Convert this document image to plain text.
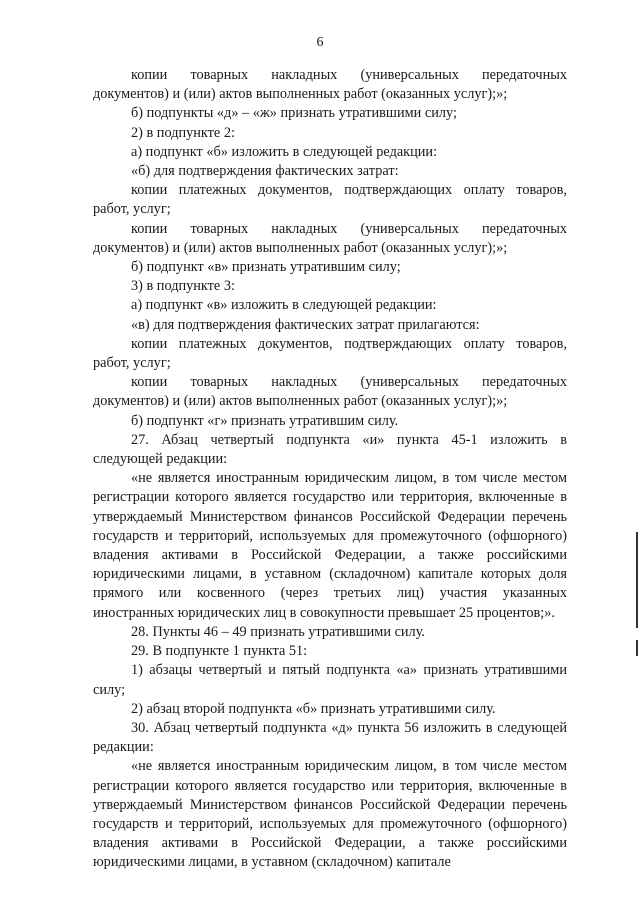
6

копии товарных накладных (универсальных передаточных документов) и (или) актов выполненных работ (оказанных услуг);»;

б) подпункты «д» – «ж» признать утратившими силу;

2) в подпункте 2:

а) подпункт «б» изложить в следующей редакции:

«б) для подтверждения фактических затрат:

копии платежных документов, подтверждающих оплату товаров, работ, услуг;

копии товарных накладных (универсальных передаточных документов) и (или) актов выполненных работ (оказанных услуг);»;

б) подпункт «в» признать утратившим силу;

3) в подпункте 3:

а) подпункт «в» изложить в следующей редакции:

«в) для подтверждения фактических затрат прилагаются:

копии платежных документов, подтверждающих оплату товаров, работ, услуг;

копии товарных накладных (универсальных передаточных документов) и (или) актов выполненных работ (оказанных услуг);»;

б) подпункт «г» признать утратившим силу.

27. Абзац четвертый подпункта «и» пункта 45-1 изложить в следующей редакции:

«не является иностранным юридическим лицом, в том числе местом регистрации которого является государство или территория, включенные в утверждаемый Министерством финансов Российской Федерации перечень государств и территорий, используемых для промежуточного (офшорного) владения активами в Российской Федерации, а также российскими юридическими лицами, в уставном (складочном) капитале которых доля прямого или косвенного (через третьих лиц) участия указанных иностранных юридических лиц в совокупности превышает 25 процентов;».

28. Пункты 46 – 49 признать утратившими силу.

29. В подпункте 1 пункта 51:

1) абзацы четвертый и пятый подпункта «а» признать утратившими силу;

2) абзац второй подпункта «б» признать утратившими силу.

30. Абзац четвертый подпункта «д» пункта 56 изложить в следующей редакции:

«не является иностранным юридическим лицом, в том числе местом регистрации которого является государство или территория, включенные в утверждаемый Министерством финансов Российской Федерации перечень государств и территорий, используемых для промежуточного (офшорного) владения активами в Российской Федерации, а также российскими юридическими лицами, в уставном (складочном) капитале
